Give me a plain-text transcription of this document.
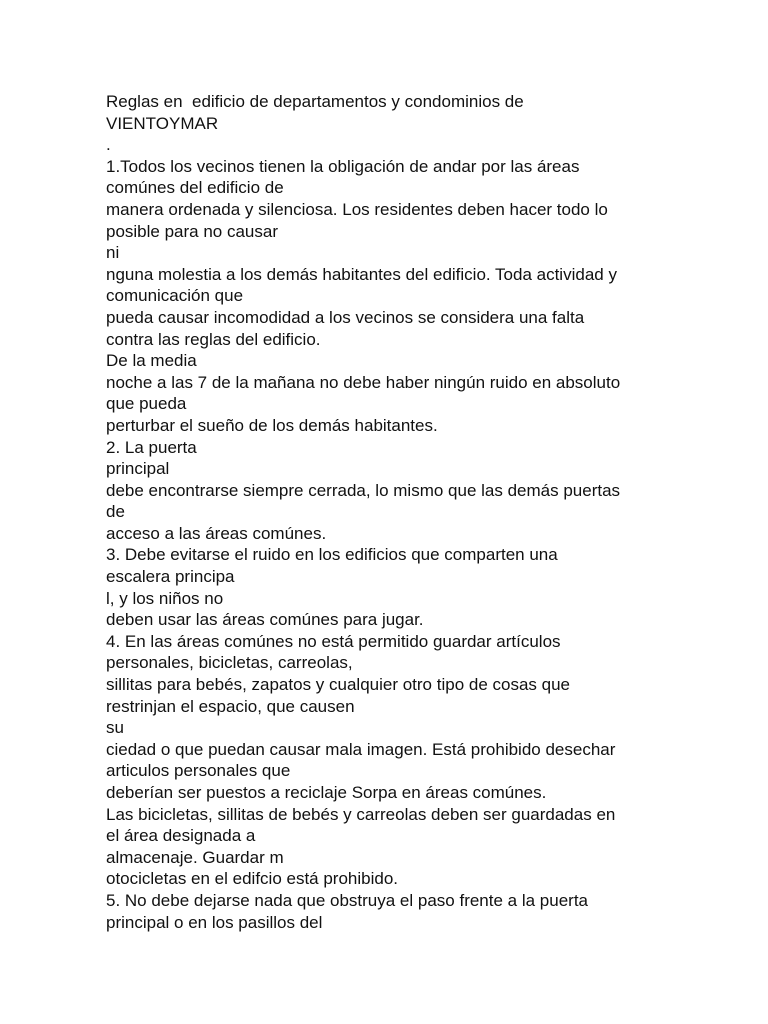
Reglas en  edificio de departamentos y condominios de
VIENTOYMAR
.
1.Todos los vecinos tienen la obligación de andar por las áreas
comúnes del edificio de
manera ordenada y silenciosa. Los residentes deben hacer todo lo
posible para no causar
ni
nguna molestia a los demás habitantes del edificio. Toda actividad y
comunicación que
pueda causar incomodidad a los vecinos se considera una falta
contra las reglas del edificio.
De la media
noche a las 7 de la mañana no debe haber ningún ruido en absoluto
que pueda
perturbar el sueño de los demás habitantes.
2. La puerta
principal
debe encontrarse siempre cerrada, lo mismo que las demás puertas
de
acceso a las áreas comúnes.
3. Debe evitarse el ruido en los edificios que comparten una
escalera principa
l, y los niños no
deben usar las áreas comúnes para jugar.
4. En las áreas comúnes no está permitido guardar artículos
personales, bicicletas, carreolas,
sillitas para bebés, zapatos y cualquier otro tipo de cosas que
restrinjan el espacio, que causen
su
ciedad o que puedan causar mala imagen. Está prohibido desechar
articulos personales que
deberían ser puestos a reciclaje Sorpa en áreas comúnes.
Las bicicletas, sillitas de bebés y carreolas deben ser guardadas en
el área designada a
almacenaje. Guardar m
otocicletas en el edifcio está prohibido.
5. No debe dejarse nada que obstruya el paso frente a la puerta
principal o en los pasillos del
